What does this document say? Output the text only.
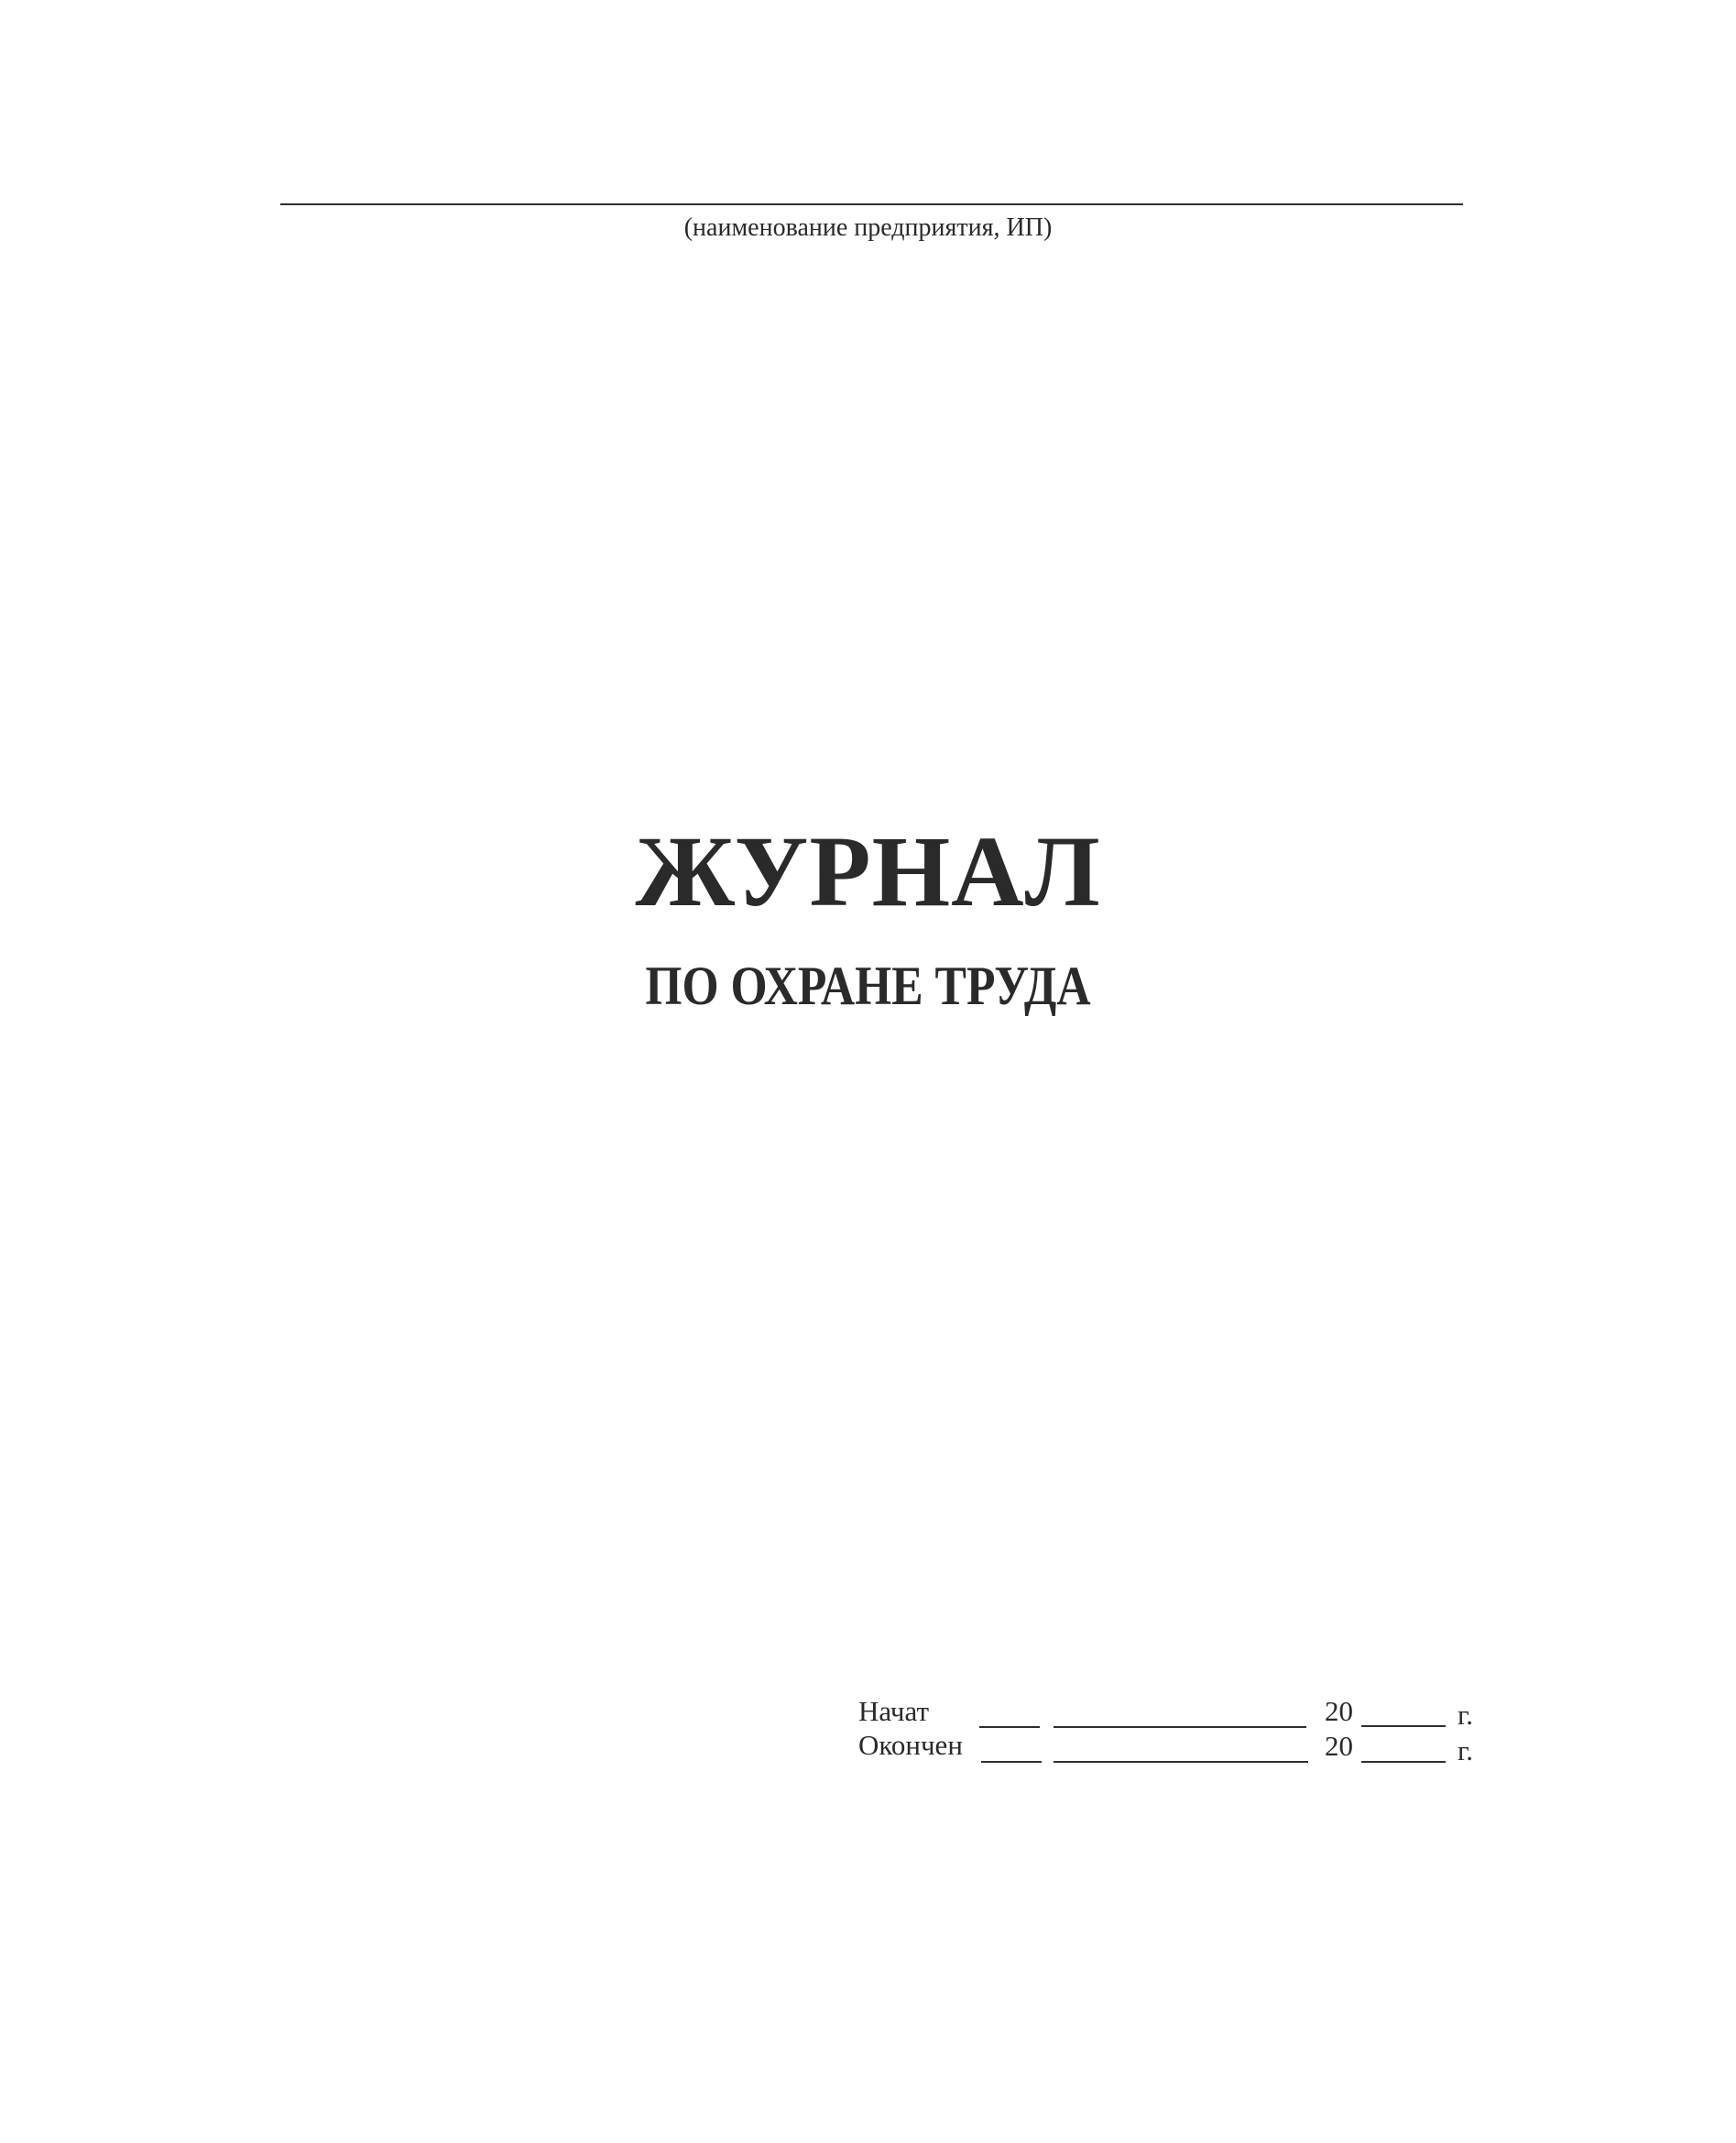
(наименование предприятия, ИП)
ЖУРНАЛ
ПО ОХРАНЕ ТРУДА
Начат	20	г.
Окончен	20	г.
